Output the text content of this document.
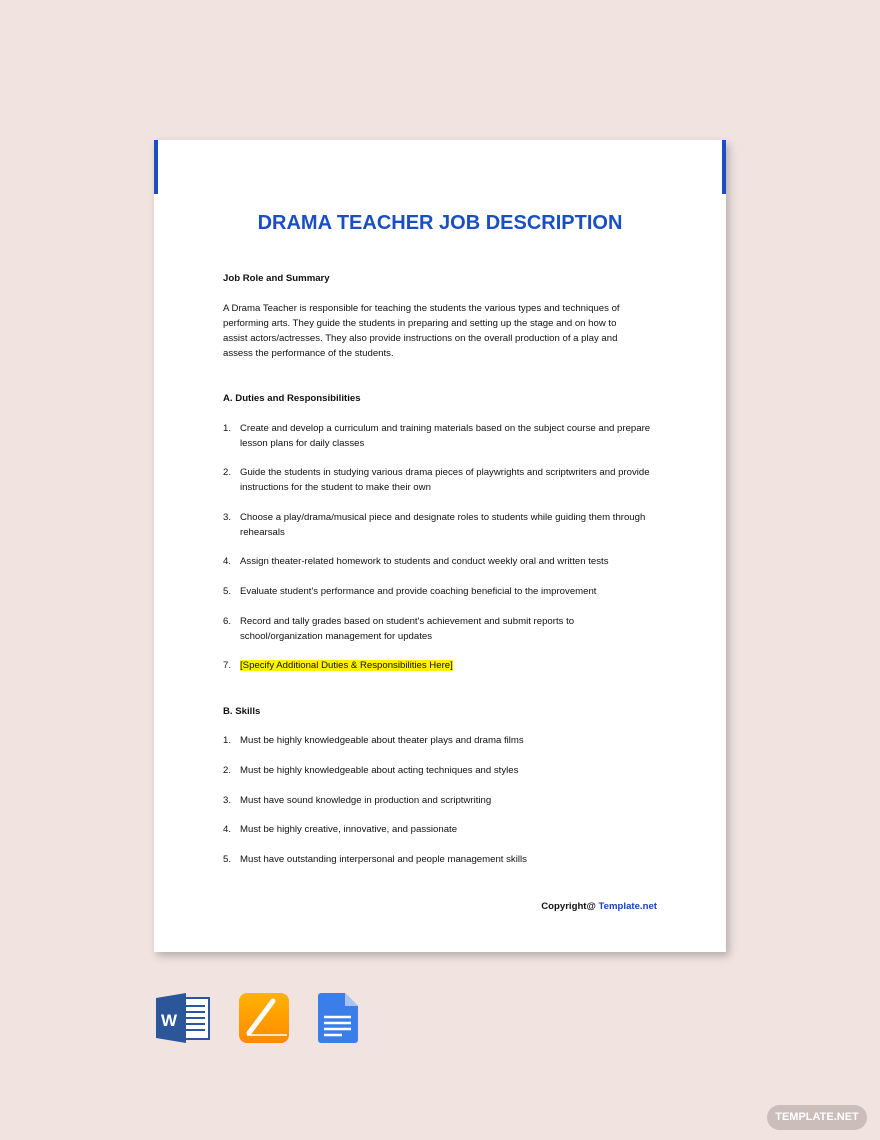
DRAMA TEACHER JOB DESCRIPTION
Job Role and Summary
A Drama Teacher is responsible for teaching the students the various types and techniques of performing arts. They guide the students in preparing and setting up the stage and on how to assist actors/actresses. They also provide instructions on the overall production of a play and assess the performance of the students.
A. Duties and Responsibilities
1. Create and develop a curriculum and training materials based on the subject course and prepare lesson plans for daily classes
2. Guide the students in studying various drama pieces of playwrights and scriptwriters and provide instructions for the student to make their own
3. Choose a play/drama/musical piece and designate roles to students while guiding them through rehearsals
4. Assign theater-related homework to students and conduct weekly oral and written tests
5. Evaluate student's performance and provide coaching beneficial to the improvement
6. Record and tally grades based on student's achievement and submit reports to school/organization management for updates
7. [Specify Additional Duties & Responsibilities Here]
B. Skills
1. Must be highly knowledgeable about theater plays and drama films
2. Must be highly knowledgeable about acting techniques and styles
3. Must have sound knowledge in production and scriptwriting
4. Must be highly creative, innovative, and passionate
5. Must have outstanding interpersonal and people management skills
Copyright@ Template.net
W
TEMPLATE.NET
